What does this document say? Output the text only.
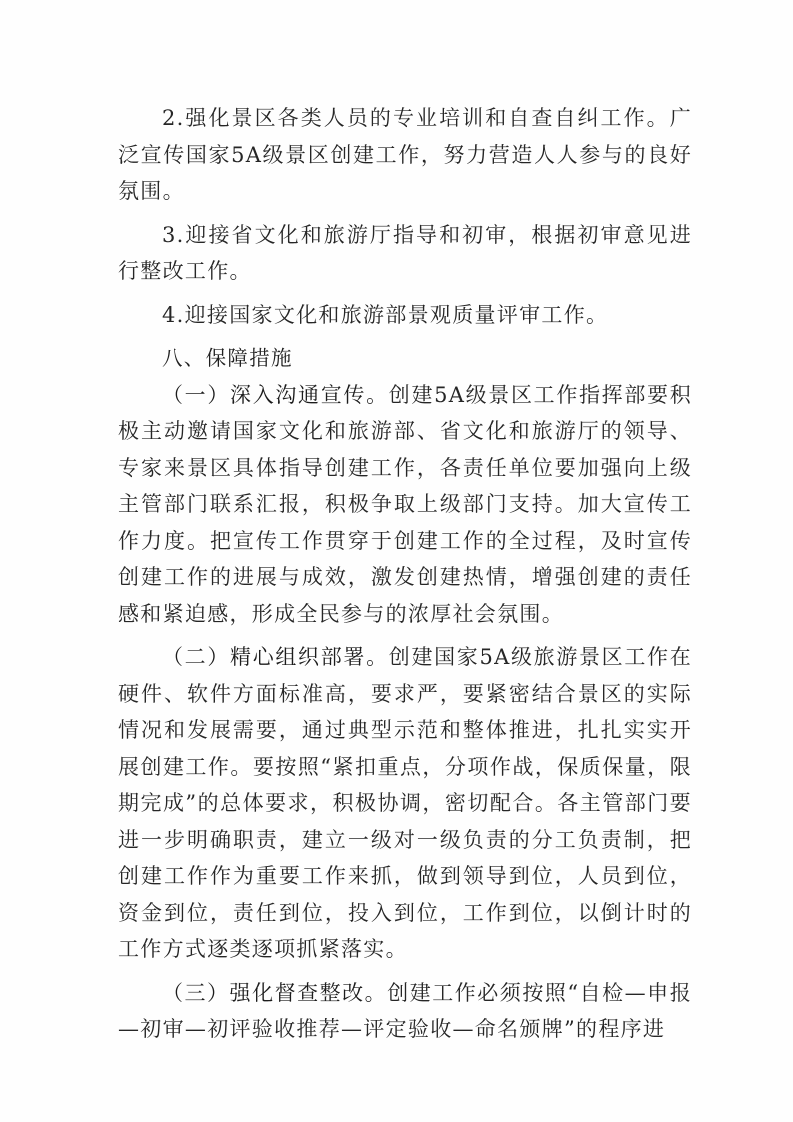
2.强化景区各类人员的专业培训和自查自纠工作。广泛宣传国家5A级景区创建工作，努力营造人人参与的良好氛围。

3.迎接省文化和旅游厅指导和初审，根据初审意见进行整改工作。

4.迎接国家文化和旅游部景观质量评审工作。

八、保障措施

（一）深入沟通宣传。创建5A级景区工作指挥部要积极主动邀请国家文化和旅游部、省文化和旅游厅的领导、专家来景区具体指导创建工作，各责任单位要加强向上级主管部门联系汇报，积极争取上级部门支持。加大宣传工作力度。把宣传工作贯穿于创建工作的全过程，及时宣传创建工作的进展与成效，激发创建热情，增强创建的责任感和紧迫感，形成全民参与的浓厚社会氛围。

（二）精心组织部署。创建国家5A级旅游景区工作在硬件、软件方面标准高，要求严，要紧密结合景区的实际情况和发展需要，通过典型示范和整体推进，扎扎实实开展创建工作。要按照“紧扣重点，分项作战，保质保量，限期完成”的总体要求，积极协调，密切配合。各主管部门要进一步明确职责，建立一级对一级负责的分工负责制，把创建工作作为重要工作来抓，做到领导到位，人员到位，资金到位，责任到位，投入到位，工作到位，以倒计时的工作方式逐类逐项抓紧落实。

（三）强化督查整改。创建工作必须按照“自检—申报—初审—初评验收推荐—评定验收—命名颁牌”的程序进
